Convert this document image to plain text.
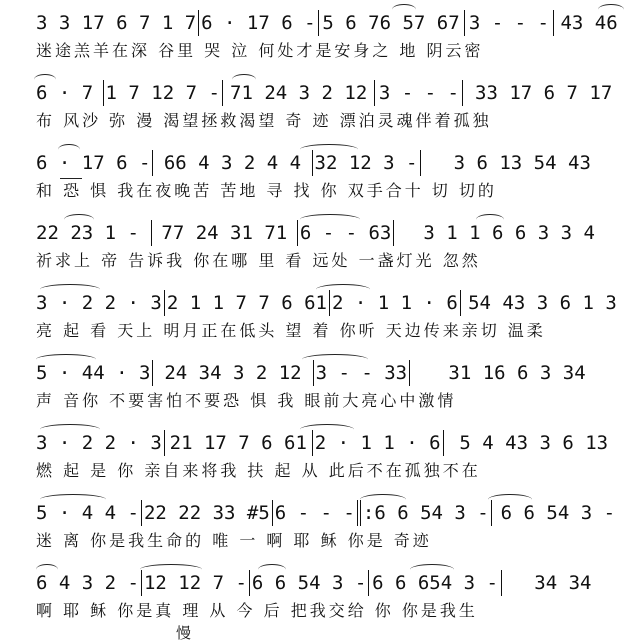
3 3 17 6 7 1 7 6 · 17 6 - 5 6 76 57 67 3 - - - 43 46
迷途羔羊在深 谷里 哭 泣 何处才是安身之 地 阴云密
6 · 7 1 7 12 7 - 71 24 3 2 12 3 - - - 33 17 6 7 17
布 风沙 弥 漫 渴望拯救渴望 奇 迹 漂泊灵魂伴着孤独
6 · 17 6 - 66 4 3 2 4 4 32 12 3 -	3 6 13 54 43
和 恐 惧 我在夜晚苦 苦地 寻 找 你 双手合十 切 切的
22 23 1 -	77 24 31 71 6 - - 63	3 1 1 6 6 3 3 4
祈求上 帝 告诉我 你在哪 里 看 远处 一盏灯光 忽然
3 · 2 2 · 3 2 1 1 7 7 6 61 2 · 1 1 · 6 54 43 3 6 1 3
亮 起 看 天上 明月正在低头 望 着 你听 天边传来亲切 温柔
5 · 44 · 3 24 34 3 2 12 3 - - 33	31 16 6 3 34
声 音你 不要害怕不要恐 惧 我 眼前大亮心中激情
3 · 2 2 · 3 21 17 7 6 61 2 · 1 1 · 6 5 4 43 3 6 13
燃 起 是 你 亲自来将我 扶 起 从 此后不在孤独不在
5 · 4 4 - 22 22 33 #5 6 - - - :6 6 54 3 - 6 6 54 3 -
迷 离 你是我生命的 唯 一 啊 耶 稣 你是 奇迹
6 4 3 2 - 12 12 7 - 6 6 54 3 - 6 6 654 3 -	34 34
啊 耶 稣 你是真 理 从 今 后 把我交给 你 你是我生
慢
